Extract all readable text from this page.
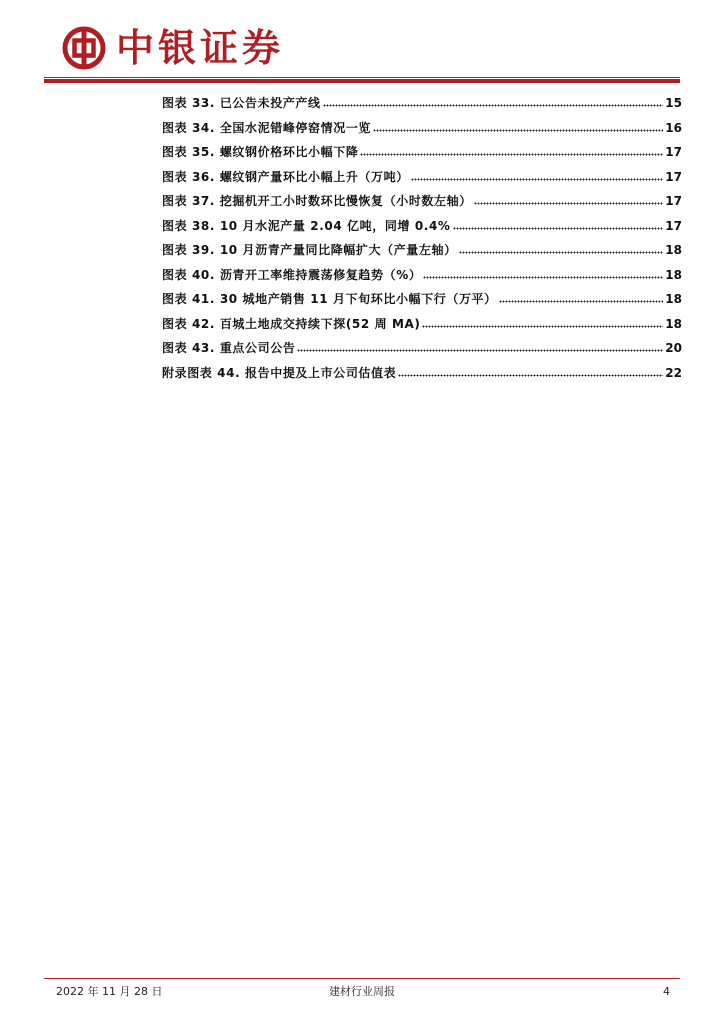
中银证券
图表 33. 已公告未投产产线	15
图表 34. 全国水泥错峰停窑情况一览	16
图表 35. 螺纹钢价格环比小幅下降	17
图表 36. 螺纹钢产量环比小幅上升（万吨）	17
图表 37. 挖掘机开工小时数环比慢恢复（小时数左轴）	17
图表 38. 10 月水泥产量 2.04 亿吨，同增 0.4%	17
图表 39. 10 月沥青产量同比降幅扩大（产量左轴）	18
图表 40. 沥青开工率维持震荡修复趋势（%）	18
图表 41. 30 城地产销售 11 月下旬环比小幅下行（万平）	18
图表 42. 百城土地成交持续下探(52 周 MA)	18
图表 43. 重点公司公告	20
附录图表 44. 报告中提及上市公司估值表	22
2022 年 11 月 28 日	建材行业周报	4
